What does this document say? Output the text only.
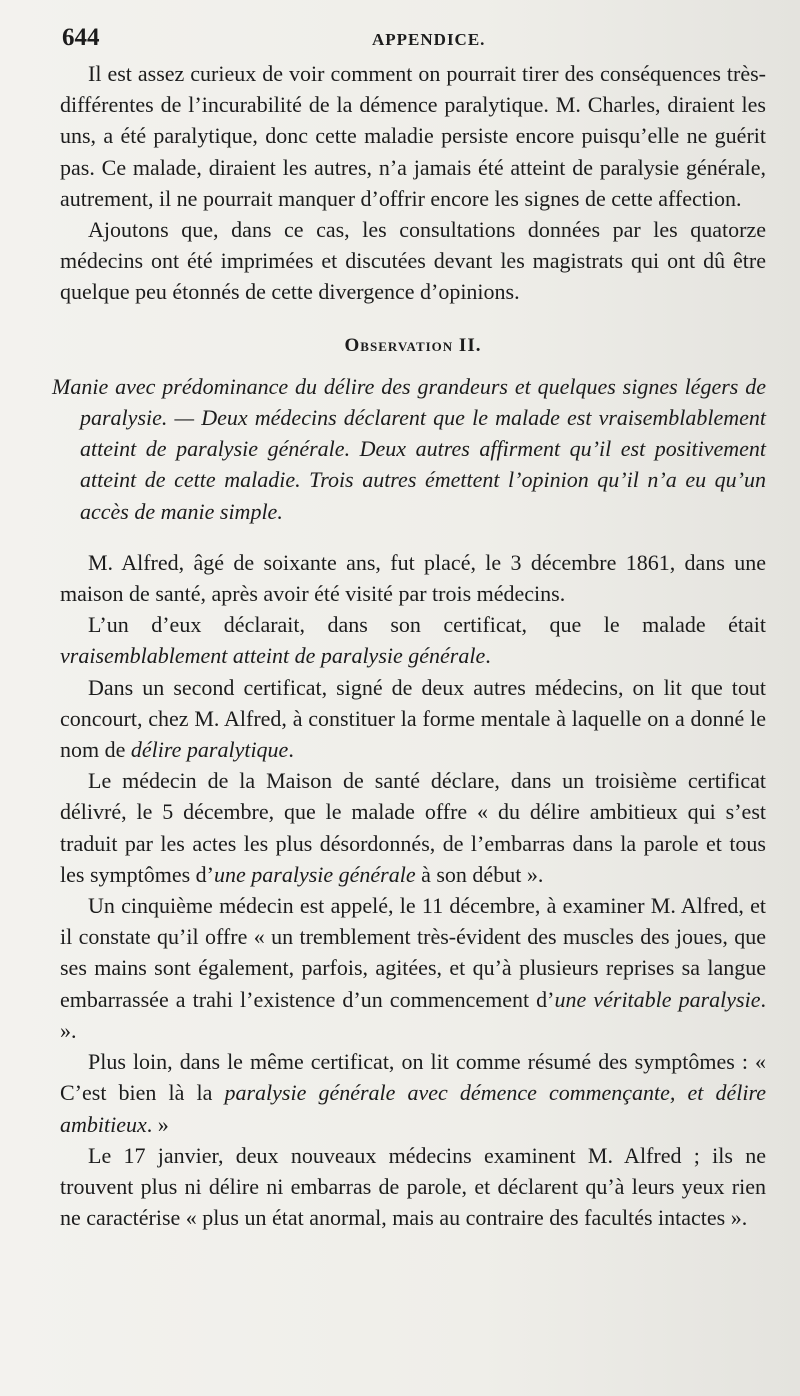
644	APPENDICE.

Il est assez curieux de voir comment on pourrait tirer des conséquences très-différentes de l’incurabilité de la démence paralytique. M. Charles, diraient les uns, a été paralytique, donc cette maladie persiste encore puisqu’elle ne guérit pas. Ce malade, diraient les autres, n’a jamais été atteint de paralysie générale, autrement, il ne pourrait manquer d’offrir encore les signes de cette affection.

Ajoutons que, dans ce cas, les consultations données par les quatorze médecins ont été imprimées et discutées devant les magistrats qui ont dû être quelque peu étonnés de cette divergence d’opinions.

Observation II.

Manie avec prédominance du délire des grandeurs et quelques signes légers de paralysie. — Deux médecins déclarent que le malade est vraisemblablement atteint de paralysie générale. Deux autres affirment qu’il est positivement atteint de cette maladie. Trois autres émettent l’opinion qu’il n’a eu qu’un accès de manie simple.

M. Alfred, âgé de soixante ans, fut placé, le 3 décembre 1861, dans une maison de santé, après avoir été visité par trois médecins.

L’un d’eux déclarait, dans son certificat, que le malade était vraisemblablement atteint de paralysie générale.

Dans un second certificat, signé de deux autres médecins, on lit que tout concourt, chez M. Alfred, à constituer la forme mentale à laquelle on a donné le nom de délire paralytique.

Le médecin de la Maison de santé déclare, dans un troisième certificat délivré, le 5 décembre, que le malade offre « du délire ambitieux qui s’est traduit par les actes les plus désordonnés, de l’embarras dans la parole et tous les symptômes d’une paralysie générale à son début ».

Un cinquième médecin est appelé, le 11 décembre, à examiner M. Alfred, et il constate qu’il offre « un tremblement très-évident des muscles des joues, que ses mains sont également, parfois, agitées, et qu’à plusieurs reprises sa langue embarrassée a trahi l’existence d’un commencement d’une véritable paralysie. ».

Plus loin, dans le même certificat, on lit comme résumé des symptômes : « C’est bien là la paralysie générale avec démence commençante, et délire ambitieux. »

Le 17 janvier, deux nouveaux médecins examinent M. Alfred ; ils ne trouvent plus ni délire ni embarras de parole, et déclarent qu’à leurs yeux rien ne caractérise « plus un état anormal, mais au contraire des facultés intactes ».
